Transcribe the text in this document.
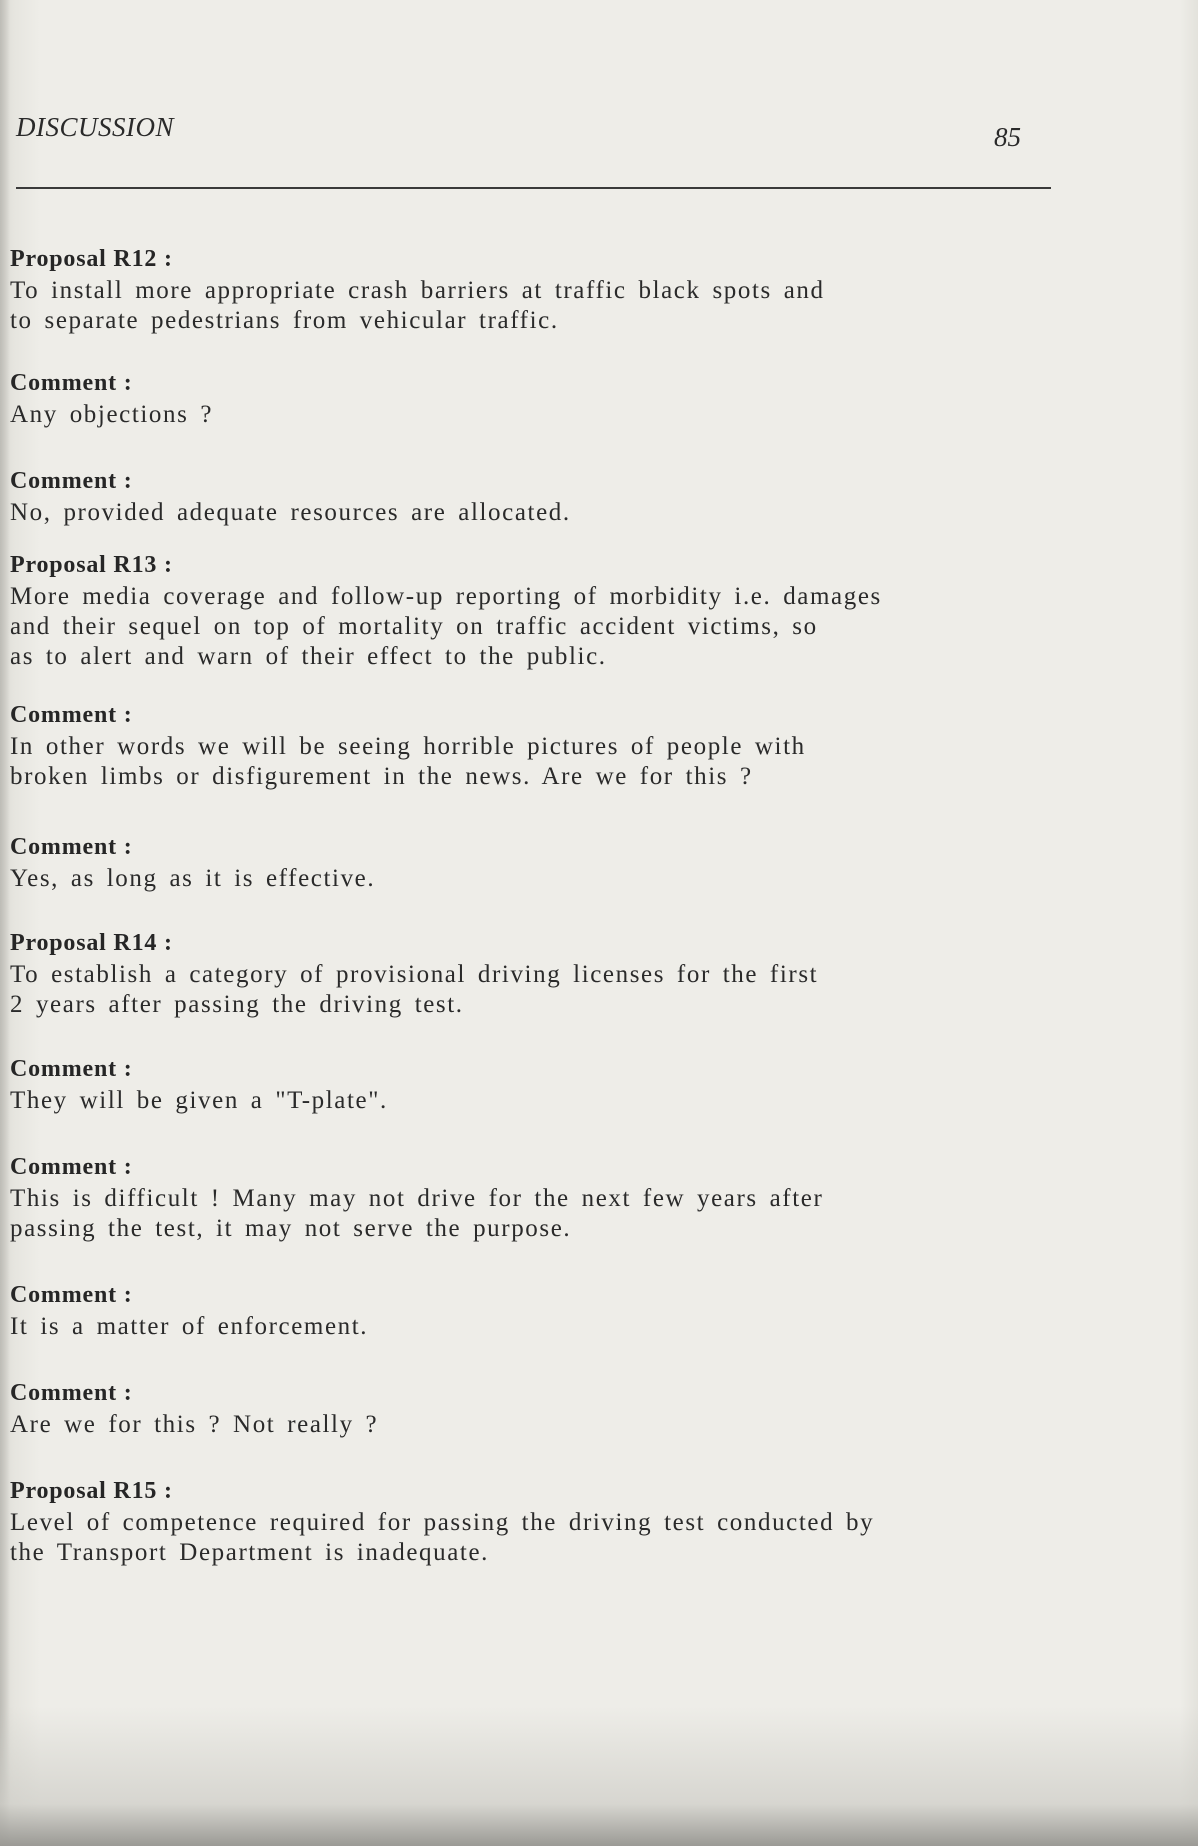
DISCUSSION	85
Proposal R12 :
To install more appropriate crash barriers at traffic black spots and
to separate pedestrians from vehicular traffic.
Comment :
Any objections ?
Comment :
No, provided adequate resources are allocated.
Proposal R13 :
More media coverage and follow-up reporting of morbidity i.e. damages
and their sequel on top of mortality on traffic accident victims, so
as to alert and warn of their effect to the public.
Comment :
In other words we will be seeing horrible pictures of people with
broken limbs or disfigurement in the news. Are we for this ?
Comment :
Yes, as long as it is effective.
Proposal R14 :
To establish a category of provisional driving licenses for the first
2 years after passing the driving test.
Comment :
They will be given a "T-plate".
Comment :
This is difficult ! Many may not drive for the next few years after
passing the test, it may not serve the purpose.
Comment :
It is a matter of enforcement.
Comment :
Are we for this ? Not really ?
Proposal R15 :
Level of competence required for passing the driving test conducted by
the Transport Department is inadequate.
